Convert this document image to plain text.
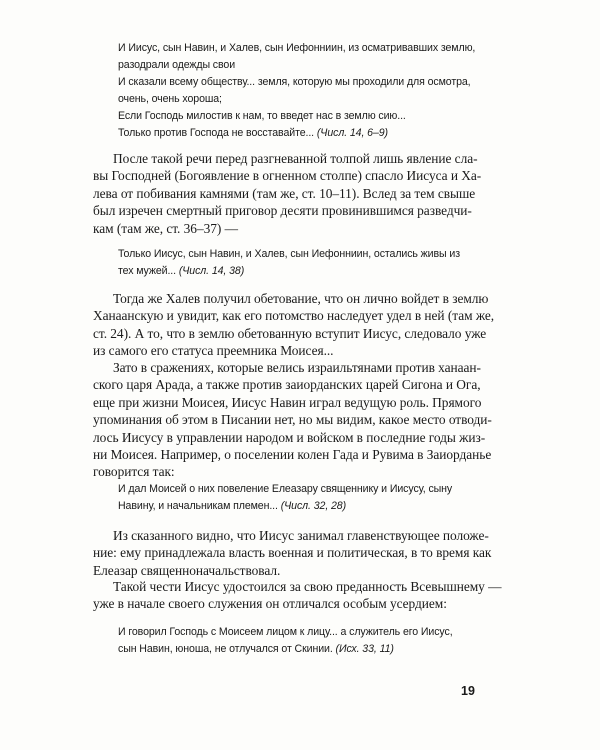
И Иисус, сын Навин, и Халев, сын Иефонниин, из осматривавших землю,
разодрали одежды свои
И сказали всему обществу... земля, которую мы проходили для осмотра,
очень, очень хороша;
Если Господь милостив к нам, то введет нас в землю сию...
Только против Господа не восставайте... (Числ. 14, 6–9)
После такой речи перед разгневанной толпой лишь явление сла-
вы Господней (Богоявление в огненном столпе) спасло Иисуса и Ха-
лева от побивания камнями (там же, ст. 10–11). Вслед за тем свыше
был изречен смертный приговор десяти провинившимся разведчи-
кам (там же, ст. 36–37) —
Только Иисус, сын Навин, и Халев, сын Иефонниин, остались живы из
тех мужей... (Числ. 14, 38)
Тогда же Халев получил обетование, что он лично войдет в землю
Ханаанскую и увидит, как его потомство наследует удел в ней (там же,
ст. 24). А то, что в землю обетованную вступит Иисус, следовало уже
из самого его статуса преемника Моисея...
Зато в сражениях, которые велись израильтянами против ханаан-
ского царя Арада, а также против заиорданских царей Сигона и Ога,
еще при жизни Моисея, Иисус Навин играл ведущую роль. Прямого
упоминания об этом в Писании нет, но мы видим, какое место отводи-
лось Иисусу в управлении народом и войском в последние годы жиз-
ни Моисея. Например, о поселении колен Гада и Рувима в Заиорданье
говорится так:
И дал Моисей о них повеление Елеазару священнику и Иисусу, сыну
Навину, и начальникам племен... (Числ. 32, 28)
Из сказанного видно, что Иисус занимал главенствующее положе-
ние: ему принадлежала власть военная и политическая, в то время как
Елеазар священноначальствовал.
Такой чести Иисус удостоился за свою преданность Всевышнему —
уже в начале своего служения он отличался особым усердием:
И говорил Господь с Моисеем лицом к лицу... а служитель его Иисус,
сын Навин, юноша, не отлучался от Скинии. (Исх. 33, 11)
19
